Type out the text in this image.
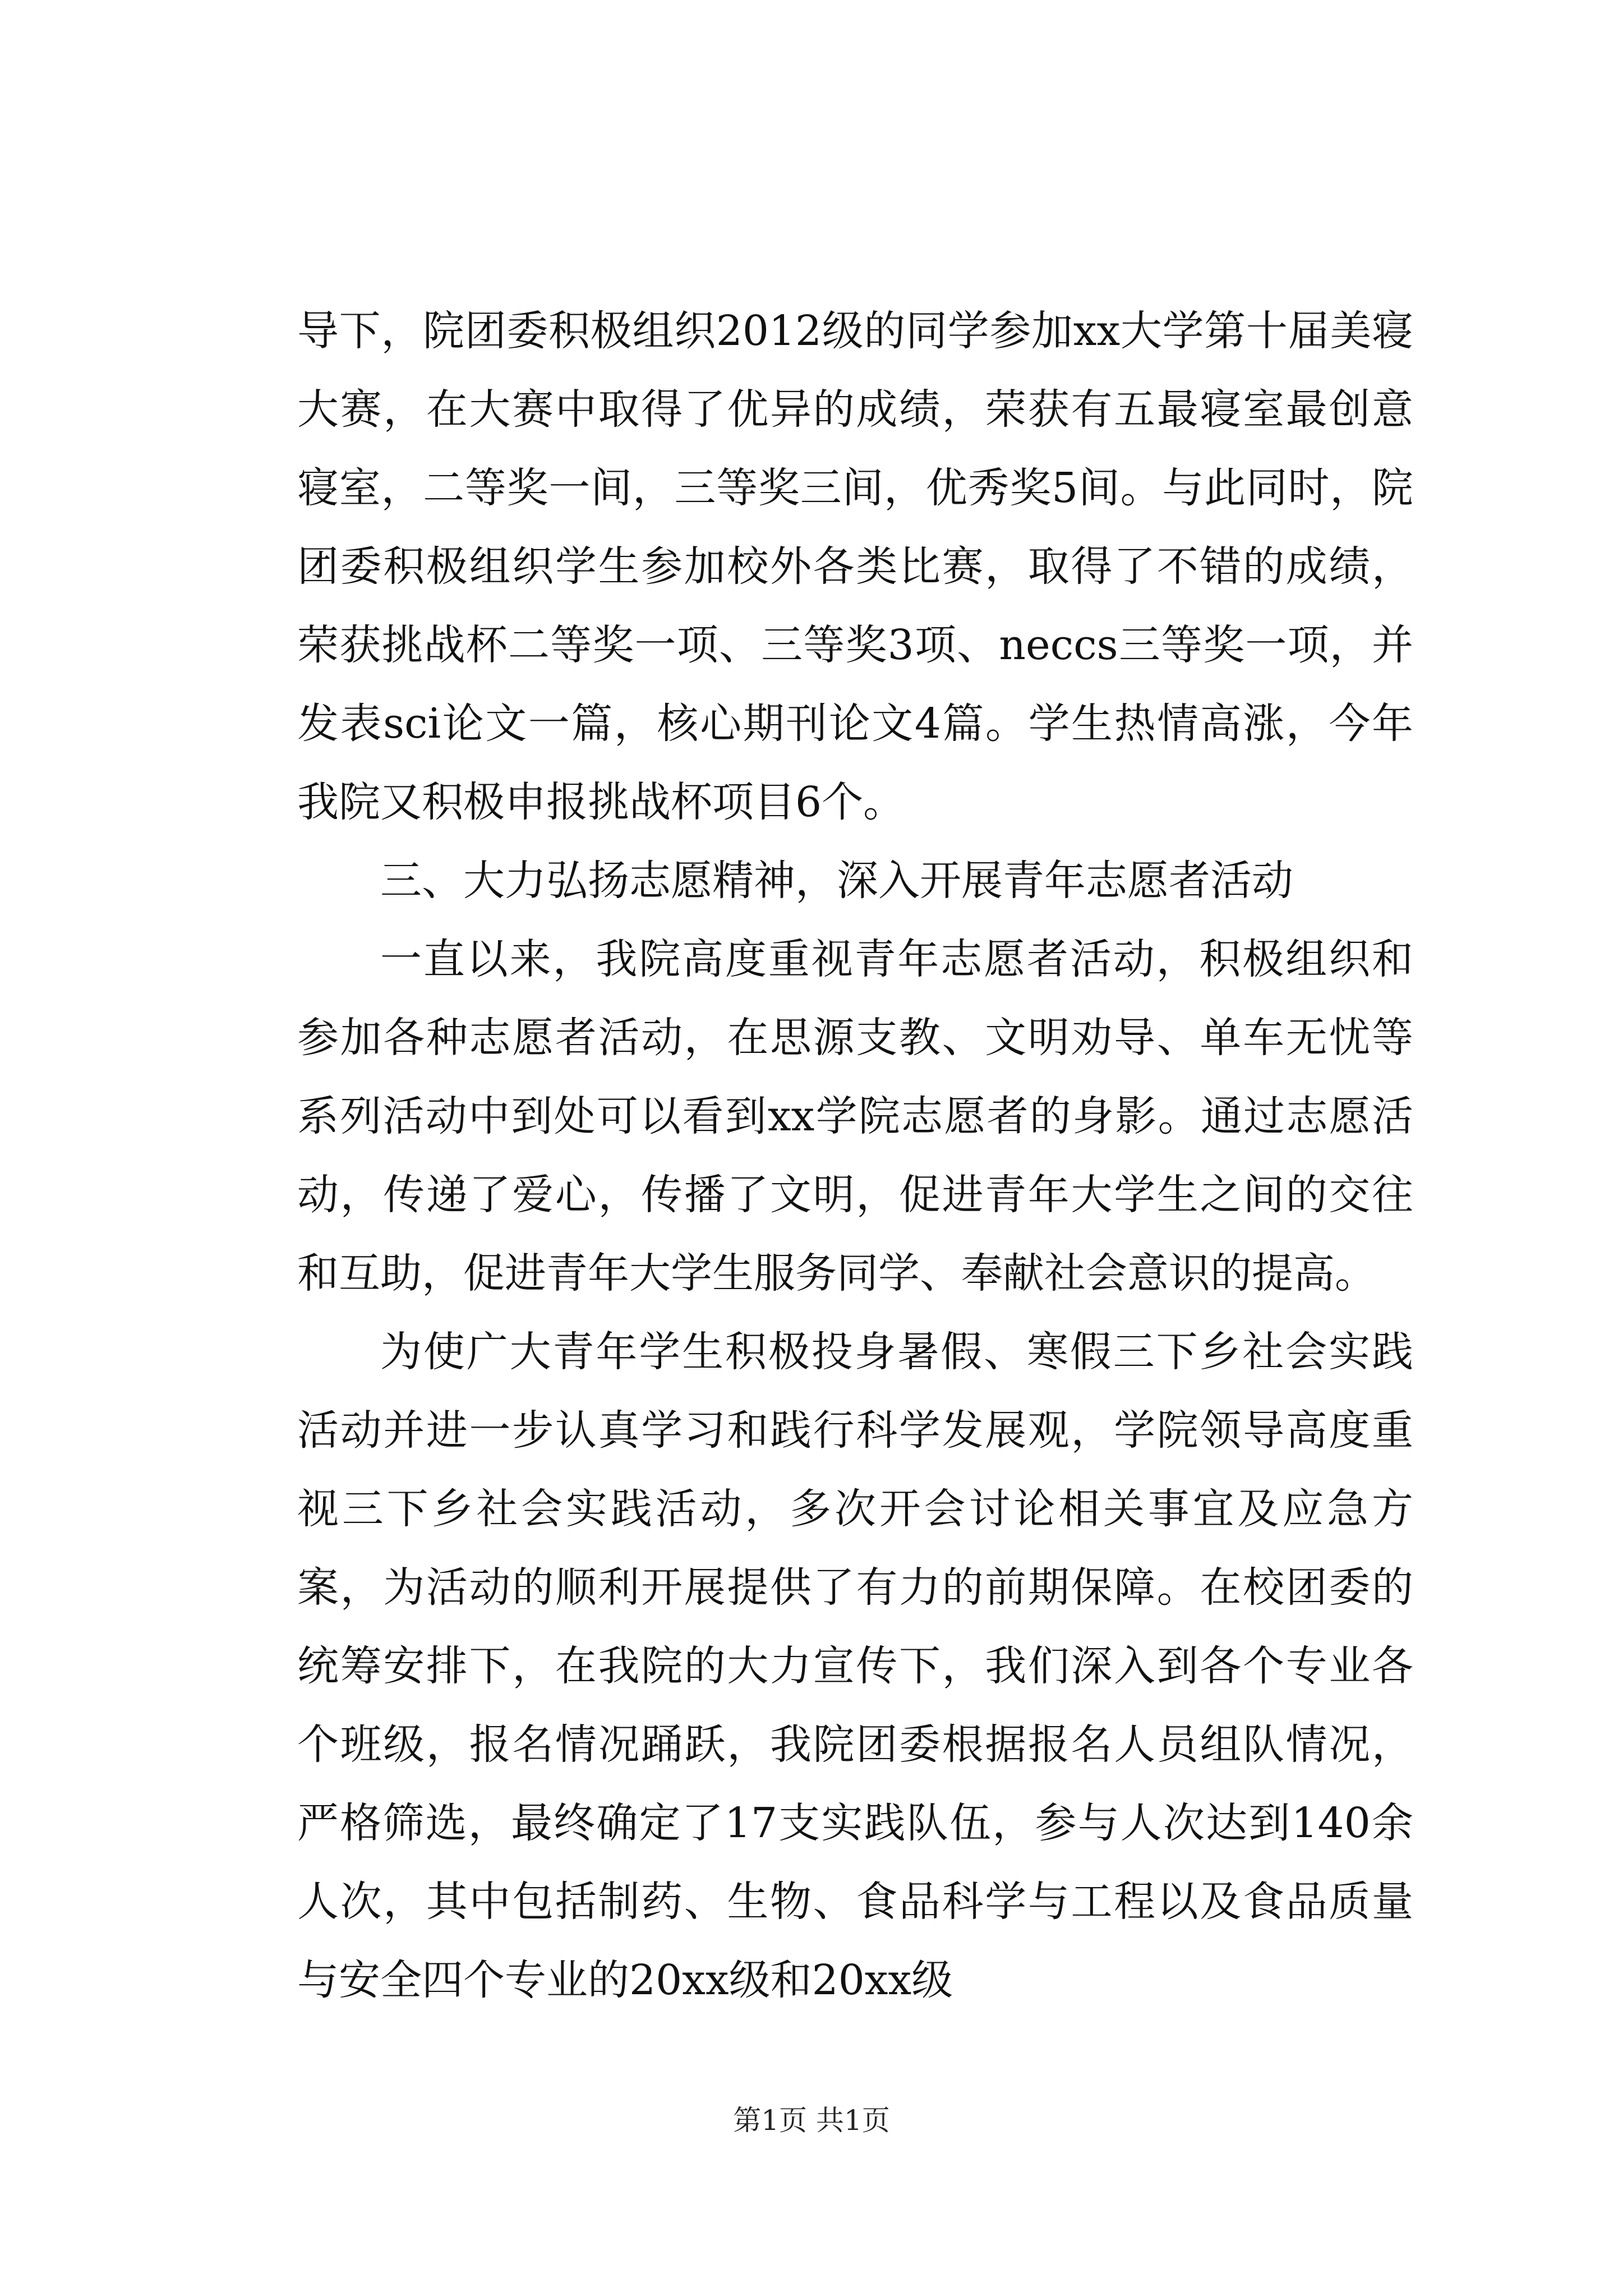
导下，院团委积极组织2012级的同学参加xx大学第十届美寝大赛，在大赛中取得了优异的成绩，荣获有五最寝室最创意寝室，二等奖一间，三等奖三间，优秀奖5间。与此同时，院团委积极组织学生参加校外各类比赛，取得了不错的成绩，荣获挑战杯二等奖一项、三等奖3项、neccs三等奖一项，并发表sci论文一篇，核心期刊论文4篇。学生热情高涨，今年我院又积极申报挑战杯项目6个。

三、大力弘扬志愿精神，深入开展青年志愿者活动

一直以来，我院高度重视青年志愿者活动，积极组织和参加各种志愿者活动，在思源支教、文明劝导、单车无忧等系列活动中到处可以看到xx学院志愿者的身影。通过志愿活动，传递了爱心，传播了文明，促进青年大学生之间的交往和互助，促进青年大学生服务同学、奉献社会意识的提高。

为使广大青年学生积极投身暑假、寒假三下乡社会实践活动并进一步认真学习和践行科学发展观，学院领导高度重视三下乡社会实践活动，多次开会讨论相关事宜及应急方案，为活动的顺利开展提供了有力的前期保障。在校团委的统筹安排下，在我院的大力宣传下，我们深入到各个专业各个班级，报名情况踊跃，我院团委根据报名人员组队情况，严格筛选，最终确定了17支实践队伍，参与人次达到140余人次，其中包括制药、生物、食品科学与工程以及食品质量与安全四个专业的20xx级和20xx级

第1页 共1页
